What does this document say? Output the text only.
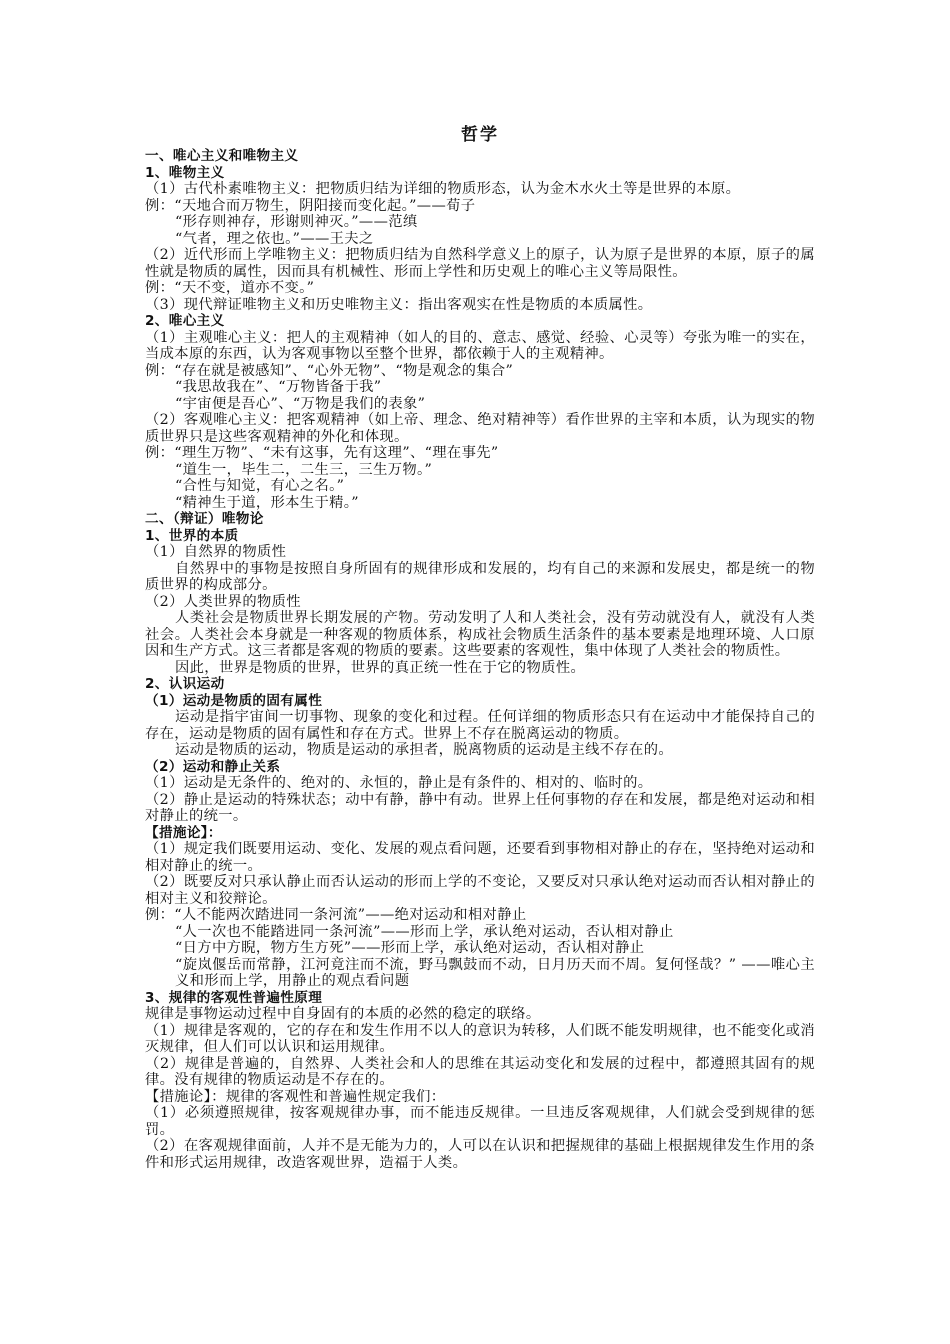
哲学
一、唯心主义和唯物主义
1、唯物主义
（1）古代朴素唯物主义：把物质归结为详细的物质形态，认为金木水火土等是世界的本原。
例：“天地合而万物生，阴阳接而变化起。”——荀子
“形存则神存，形谢则神灭。”——范缜
“气者，理之依也。”——王夫之
（2）近代形而上学唯物主义：把物质归结为自然科学意义上的原子，认为原子是世界的本原，原子的属性就是物质的属性，因而具有机械性、形而上学性和历史观上的唯心主义等局限性。
例：“天不变，道亦不变。”
（3）现代辩证唯物主义和历史唯物主义：指出客观实在性是物质的本质属性。
2、唯心主义
（1）主观唯心主义：把人的主观精神（如人的目的、意志、感觉、经验、心灵等）夸张为唯一的实在，当成本原的东西，认为客观事物以至整个世界，都依赖于人的主观精神。
例：“存在就是被感知”、“心外无物”、“物是观念的集合”
“我思故我在”、“万物皆备于我”
“宇宙便是吾心”、“万物是我们的表象”
（2）客观唯心主义：把客观精神（如上帝、理念、绝对精神等）看作世界的主宰和本质，认为现实的物质世界只是这些客观精神的外化和体现。
例：“理生万物”、“未有这事，先有这理”、“理在事先”
“道生一，毕生二，二生三，三生万物。”
“合性与知觉，有心之名。”
“精神生于道，形本生于精。”
二、（辩证）唯物论
1、世界的本质
（1）自然界的物质性
自然界中的事物是按照自身所固有的规律形成和发展的，均有自己的来源和发展史，都是统一的物质世界的构成部分。
（2）人类世界的物质性
人类社会是物质世界长期发展的产物。劳动发明了人和人类社会，没有劳动就没有人，就没有人类社会。人类社会本身就是一种客观的物质体系，构成社会物质生活条件的基本要素是地理环境、人口原因和生产方式。这三者都是客观的物质的要素。这些要素的客观性，集中体现了人类社会的物质性。
因此，世界是物质的世界，世界的真正统一性在于它的物质性。
2、认识运动
（1）运动是物质的固有属性
运动是指宇宙间一切事物、现象的变化和过程。任何详细的物质形态只有在运动中才能保持自己的存在，运动是物质的固有属性和存在方式。世界上不存在脱离运动的物质。
运动是物质的运动，物质是运动的承担者，脱离物质的运动是主线不存在的。
（2）运动和静止关系
（1）运动是无条件的、绝对的、永恒的，静止是有条件的、相对的、临时的。
（2）静止是运动的特殊状态；动中有静，静中有动。世界上任何事物的存在和发展，都是绝对运动和相对静止的统一。
【措施论】：
（1）规定我们既要用运动、变化、发展的观点看问题，还要看到事物相对静止的存在，坚持绝对运动和相对静止的统一。
（2）既要反对只承认静止而否认运动的形而上学的不变论，又要反对只承认绝对运动而否认相对静止的相对主义和狡辩论。
例：“人不能两次踏进同一条河流”——绝对运动和相对静止
“人一次也不能踏进同一条河流”——形而上学，承认绝对运动，否认相对静止
“日方中方睨，物方生方死”——形而上学，承认绝对运动，否认相对静止
“旋岚偃岳而常静，江河竟注而不流，野马飘鼓而不动，日月历天而不周。复何怪哉？” ——唯心主义和形而上学，用静止的观点看问题
3、规律的客观性普遍性原理
规律是事物运动过程中自身固有的本质的必然的稳定的联络。
（1）规律是客观的，它的存在和发生作用不以人的意识为转移，人们既不能发明规律，也不能变化或消灭规律，但人们可以认识和运用规律。
（2）规律是普遍的，自然界、人类社会和人的思维在其运动变化和发展的过程中，都遵照其固有的规律。没有规律的物质运动是不存在的。
【措施论】：规律的客观性和普遍性规定我们：
（1）必须遵照规律，按客观规律办事，而不能违反规律。一旦违反客观规律，人们就会受到规律的惩罚。
（2）在客观规律面前，人并不是无能为力的，人可以在认识和把握规律的基础上根据规律发生作用的条件和形式运用规律，改造客观世界，造福于人类。
